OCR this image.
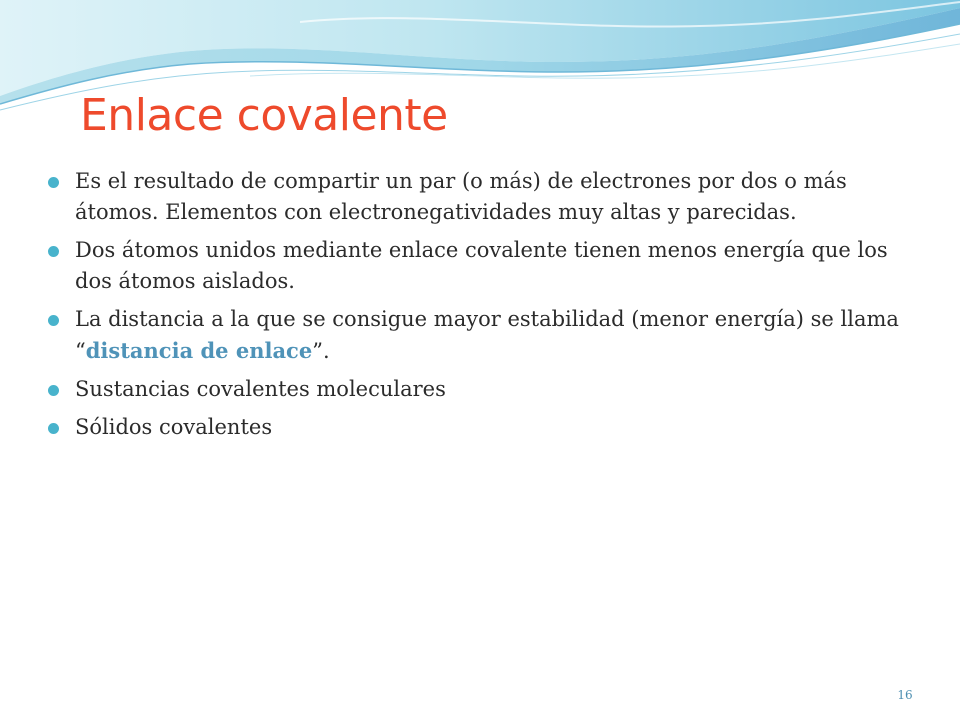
Enlace covalente
Es el resultado de compartir un par (o más) de electrones por dos o más átomos. Elementos con electronegatividades muy altas y parecidas.
Dos átomos unidos mediante enlace covalente tienen menos energía que los dos átomos aislados.
La distancia a la que se consigue mayor estabilidad (menor energía) se llama “distancia de enlace”.
Sustancias covalentes moleculares
Sólidos covalentes
16
